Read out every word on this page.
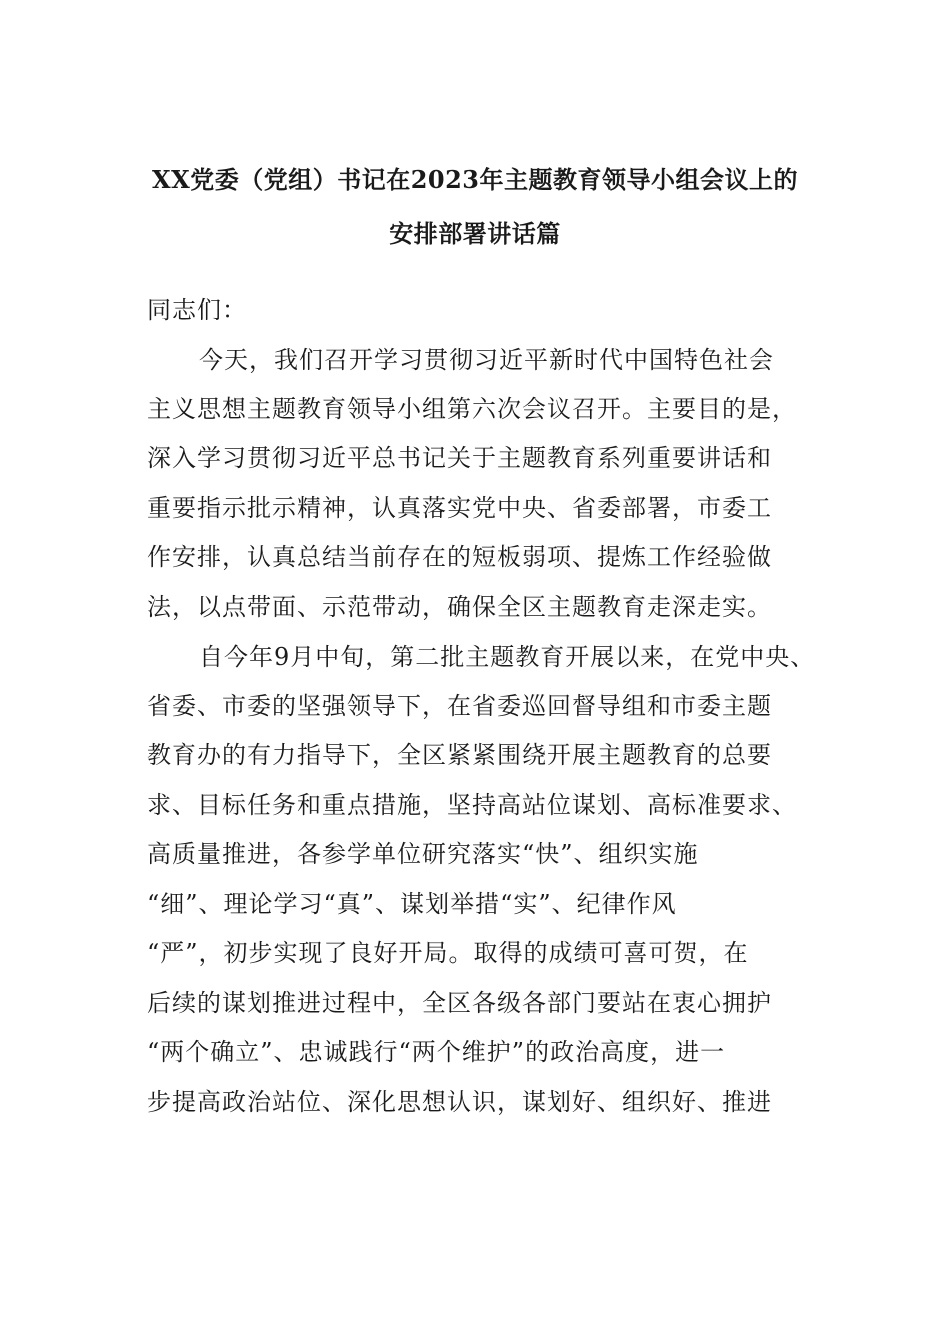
XX党委（党组）书记在2023年主题教育领导小组会议上的
安排部署讲话篇
同志们：
今天，我们召开学习贯彻习近平新时代中国特色社会
主义思想主题教育领导小组第六次会议召开。主要目的是，
深入学习贯彻习近平总书记关于主题教育系列重要讲话和
重要指示批示精神，认真落实党中央、省委部署，市委工
作安排，认真总结当前存在的短板弱项、提炼工作经验做
法，以点带面、示范带动，确保全区主题教育走深走实。
自今年9月中旬，第二批主题教育开展以来，在党中央、
省委、市委的坚强领导下，在省委巡回督导组和市委主题
教育办的有力指导下，全区紧紧围绕开展主题教育的总要
求、目标任务和重点措施，坚持高站位谋划、高标准要求、
高质量推进，各参学单位研究落实“快”、组织实施
“细”、理论学习“真”、谋划举措“实”、纪律作风
“严”，初步实现了良好开局。取得的成绩可喜可贺，在
后续的谋划推进过程中，全区各级各部门要站在衷心拥护
“两个确立”、忠诚践行“两个维护”的政治高度，进一
步提高政治站位、深化思想认识，谋划好、组织好、推进
